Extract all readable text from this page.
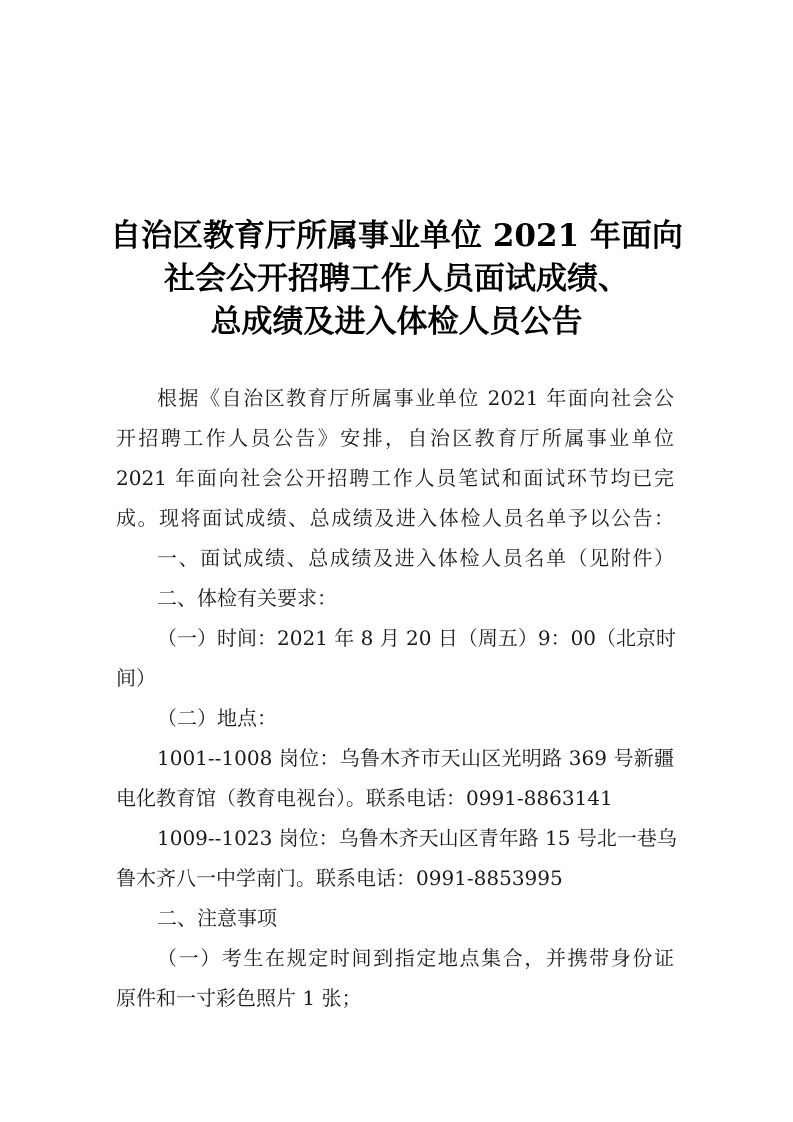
自治区教育厅所属事业单位 2021 年面向
社会公开招聘工作人员面试成绩、
总成绩及进入体检人员公告
根据《自治区教育厅所属事业单位 2021 年面向社会公
开招聘工作人员公告》安排，自治区教育厅所属事业单位
2021 年面向社会公开招聘工作人员笔试和面试环节均已完
成。现将面试成绩、总成绩及进入体检人员名单予以公告：
一、面试成绩、总成绩及进入体检人员名单（见附件）
二、体检有关要求：
（一）时间：2021 年 8 月 20 日（周五）9：00（北京时
间）
（二）地点：
1001--1008 岗位：乌鲁木齐市天山区光明路 369 号新疆
电化教育馆（教育电视台）。联系电话：0991-8863141
1009--1023 岗位：乌鲁木齐天山区青年路 15 号北一巷乌
鲁木齐八一中学南门。联系电话：0991-8853995
二、注意事项
（一）考生在规定时间到指定地点集合，并携带身份证
原件和一寸彩色照片 1 张；
